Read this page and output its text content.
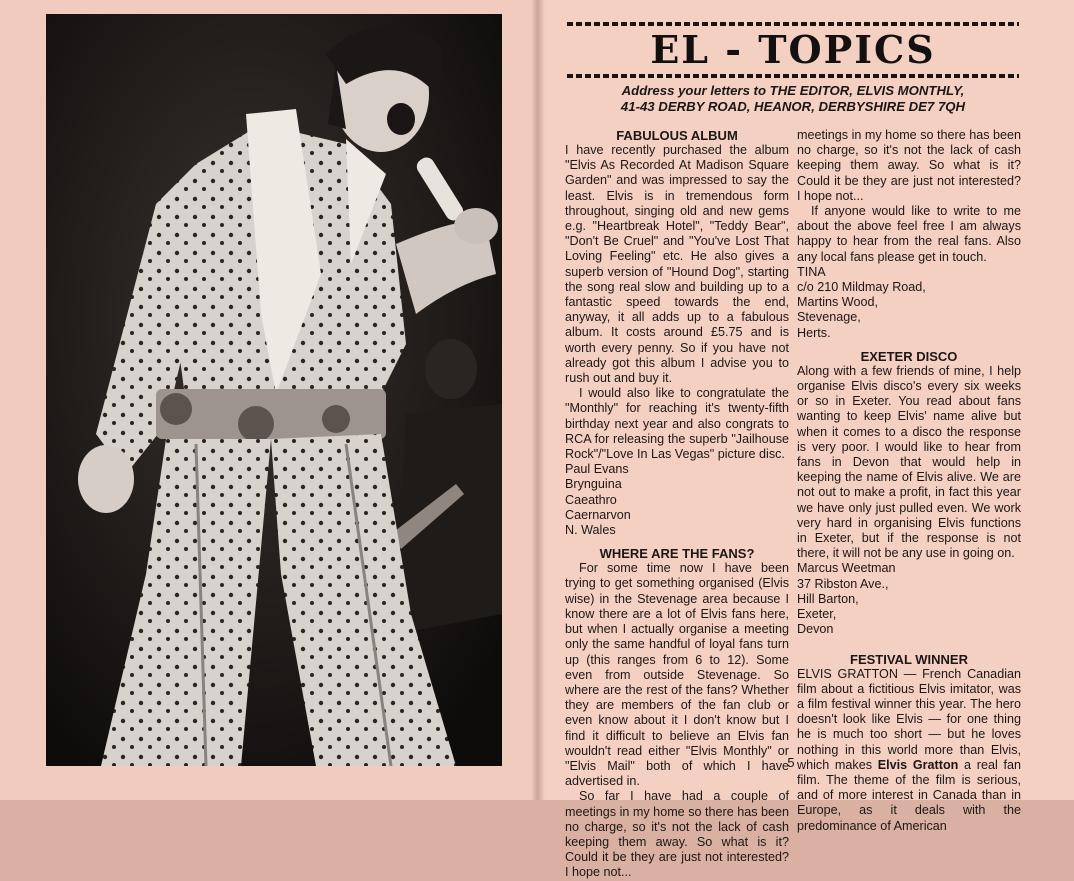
EL - TOPICS
Address your letters to THE EDITOR, ELVIS MONTHLY,
41-43 DERBY ROAD, HEANOR, DERBYSHIRE DE7 7QH

FABULOUS ALBUM

I have recently purchased the album "Elvis As Recorded At Madison Square Garden" and was impressed to say the least. Elvis is in tremendous form throughout, singing old and new gems e.g. "Heartbreak Hotel", "Teddy Bear", "Don't Be Cruel" and "You've Lost That Loving Feeling" etc. He also gives a superb version of "Hound Dog", starting the song real slow and building up to a fantastic speed towards the end, anyway, it all adds up to a fabulous album. It costs around £5.75 and is worth every penny. So if you have not already got this album I advise you to rush out and buy it.

I would also like to congratulate the "Monthly" for reaching it's twenty-fifth birthday next year and also congrats to RCA for releasing the superb "Jailhouse Rock"/"Love In Las Vegas" picture disc.

Paul Evans

Brynguina

Caeathro

Caernarvon

N. Wales

WHERE ARE THE FANS?

For some time now I have been trying to get something organised (Elvis wise) in the Stevenage area because I know there are a lot of Elvis fans here, but when I actually organise a meeting only the same handful of loyal fans turn up (this ranges from 6 to 12). Some even from outside Stevenage. So where are the rest of the fans? Whether they are members of the fan club or even know about it I don't know but I find it difficult to believe an Elvis fan wouldn't read either "Elvis Monthly" or "Elvis Mail" both of which I have advertised in.

So far I have had a couple of meetings in my home so there has been no charge, so it's not the lack of cash keeping them away. So what is it? Could it be they are just not interested? I hope not...

meetings in my home so there has been no charge, so it's not the lack of cash keeping them away. So what is it? Could it be they are just not interested? I hope not...

If anyone would like to write to me about the above feel free I am always happy to hear from the real fans. Also any local fans please get in touch.

TINA

c/o 210 Mildmay Road,

Martins Wood,

Stevenage,

Herts.

EXETER DISCO

Along with a few friends of mine, I help organise Elvis disco's every six weeks or so in Exeter. You read about fans wanting to keep Elvis' name alive but when it comes to a disco the response is very poor. I would like to hear from fans in Devon that would help in keeping the name of Elvis alive. We are not out to make a profit, in fact this year we have only just pulled even. We work very hard in organising Elvis functions in Exeter, but if the response is not there, it will not be any use in going on.

Marcus Weetman

37 Ribston Ave.,

Hill Barton,

Exeter,

Devon

FESTIVAL WINNER

ELVIS GRATTON — French Canadian film about a fictitious Elvis imitator, was a film festival winner this year. The hero doesn't look like Elvis — for one thing he is much too short — but he loves nothing in this world more than Elvis, which makes Elvis Gratton a real fan film. The theme of the film is serious, and of more interest in Canada than in Europe, as it deals with the predominance of American

5
